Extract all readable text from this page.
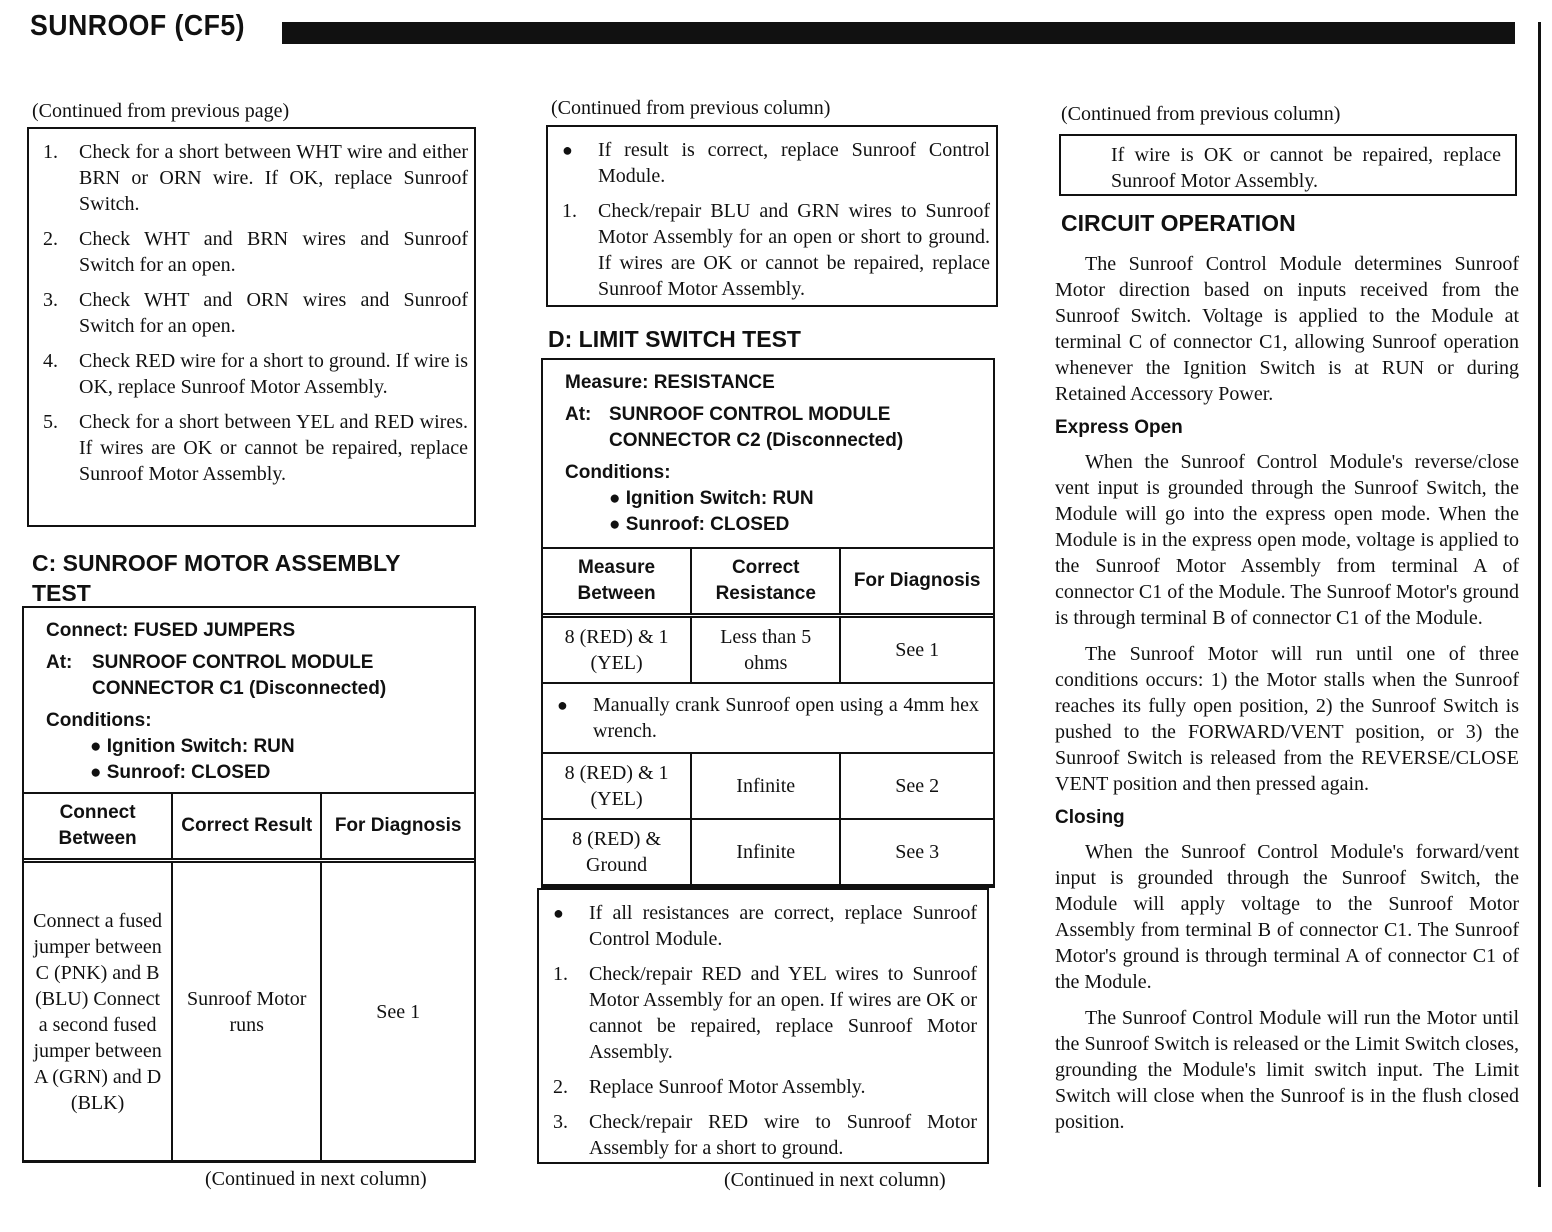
SUNROOF (CF5)
(Continued from previous page)
1. Check for a short between WHT wire and either BRN or ORN wire. If OK, replace Sunroof Switch.
2. Check WHT and BRN wires and Sunroof Switch for an open.
3. Check WHT and ORN wires and Sunroof Switch for an open.
4. Check RED wire for a short to ground. If wire is OK, replace Sunroof Motor Assembly.
5. Check for a short between YEL and RED wires. If wires are OK or cannot be repaired, replace Sunroof Motor Assembly.
C: SUNROOF MOTOR ASSEMBLY TEST
Connect: FUSED JUMPERS
At:	SUNROOF CONTROL MODULE CONNECTOR C1 (Disconnected)
Conditions:
● Ignition Switch: RUN
● Sunroof: CLOSED
Connect Between	Correct Result	For Diagnosis
Connect a fused jumper between C (PNK) and B (BLU) Connect a second fused jumper between A (GRN) and D (BLK)	Sunroof Motor runs	See 1
(Continued in next column)
(Continued from previous column)
● If result is correct, replace Sunroof Control Module.
1. Check/repair BLU and GRN wires to Sunroof Motor Assembly for an open or short to ground. If wires are OK or cannot be repaired, replace Sunroof Motor Assembly.
D: LIMIT SWITCH TEST
Measure: RESISTANCE
At: SUNROOF CONTROL MODULE CONNECTOR C2 (Disconnected)
Conditions:
● Ignition Switch: RUN
● Sunroof: CLOSED
Measure Between	Correct Resistance	For Diagnosis
8 (RED) & 1 (YEL)	Less than 5 ohms	See 1

● Manually crank Sunroof open using a 4mm hex wrench.		

8 (RED) & 1 (YEL)	Infinite	See 2
8 (RED) & Ground	Infinite	See 3
● If all resistances are correct, replace Sunroof Control Module.
1. Check/repair RED and YEL wires to Sunroof Motor Assembly for an open. If wires are OK or cannot be repaired, replace Sunroof Motor Assembly.
2. Replace Sunroof Motor Assembly.
3. Check/repair RED wire to Sunroof Motor Assembly for a short to ground.
(Continued in next column)
(Continued from previous column)
If wire is OK or cannot be repaired, replace Sunroof Motor Assembly.
CIRCUIT OPERATION

The Sunroof Control Module determines Sunroof Motor direction based on inputs received from the Sunroof Switch. Voltage is applied to the Module at terminal C of connector C1, allowing Sunroof operation whenever the Ignition Switch is at RUN or during Retained Accessory Power.

Express Open

When the Sunroof Control Module's reverse/close vent input is grounded through the Sunroof Switch, the Module will go into the express open mode. When the Module is in the express open mode, voltage is applied to the Sunroof Motor Assembly from terminal A of connector C1 of the Module. The Sunroof Motor's ground is through terminal B of connector C1 of the Module.

The Sunroof Motor will run until one of three conditions occurs: 1) the Motor stalls when the Sunroof reaches its fully open position, 2) the Sunroof Switch is pushed to the FORWARD/VENT position, or 3) the Sunroof Switch is released from the REVERSE/CLOSE VENT position and then pressed again.

Closing

When the Sunroof Control Module's forward/vent input is grounded through the Sunroof Switch, the Module will apply voltage to the Sunroof Motor Assembly from terminal B of connector C1. The Sunroof Motor's ground is through terminal A of connector C1 of the Module.

The Sunroof Control Module will run the Motor until the Sunroof Switch is released or the Limit Switch closes, grounding the Module's limit switch input. The Limit Switch will close when the Sunroof is in the flush closed position.
